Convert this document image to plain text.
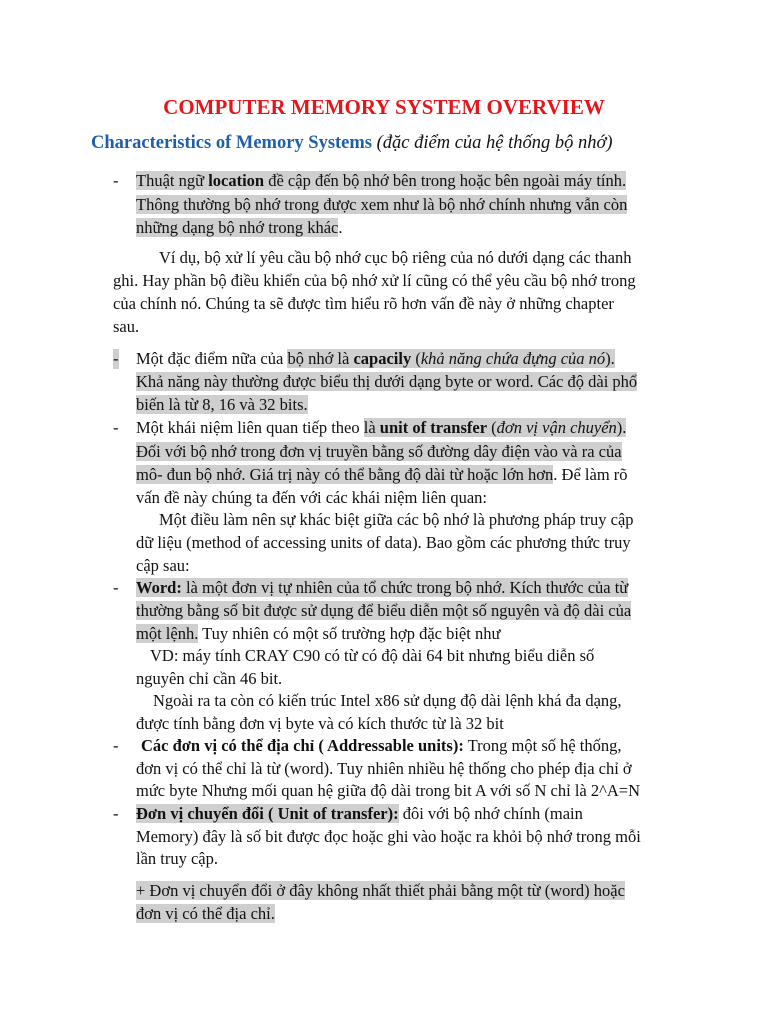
COMPUTER MEMORY SYSTEM OVERVIEW
Characteristics of Memory Systems (đặc điểm của hệ thống bộ nhớ)
- Thuật ngữ location đề cập đến bộ nhớ bên trong hoặc bên ngoài máy tính.
Thông thường bộ nhớ trong được xem như là bộ nhớ chính nhưng vẫn còn
những dạng bộ nhớ trong khác.
Ví dụ, bộ xử lí yêu cầu bộ nhớ cục bộ riêng của nó dưới dạng các thanh
ghi. Hay phần bộ điều khiển của bộ nhớ xử lí cũng có thể yêu cầu bộ nhớ trong
của chính nó. Chúng ta sẽ được tìm hiểu rõ hơn vấn đề này ở những chapter
sau.
- Một đặc điểm nữa của bộ nhớ là capacily (khả năng chứa đựng của nó).
Khả năng này thường được biểu thị dưới dạng byte or word. Các độ dài phổ
biến là từ 8, 16 và 32 bits.
- Một khái niệm liên quan tiếp theo là unit of transfer (đơn vị vận chuyển).
Đối với bộ nhớ trong đơn vị truyền bằng số đường dây điện vào và ra của
mô- đun bộ nhớ. Giá trị này có thể bằng độ dài từ hoặc lớn hơn. Để làm rõ
vấn đề này chúng ta đến với các khái niệm liên quan:
Một điều làm nên sự khác biệt giữa các bộ nhớ là phương pháp truy cập
dữ liệu (method of accessing units of data). Bao gồm các phương thức truy
cập sau:
- Word: là một đơn vị tự nhiên của tổ chức trong bộ nhớ. Kích thước của từ
thường bằng số bit được sử dụng để biểu diễn một số nguyên và độ dài của
một lệnh. Tuy nhiên có một số trường hợp đặc biệt như
VD: máy tính CRAY C90 có từ có độ dài 64 bit nhưng biểu diễn số
nguyên chỉ cần 46 bit.
Ngoài ra ta còn có kiến trúc Intel x86 sử dụng độ dài lệnh khá đa dạng,
được tính bằng đơn vị byte và có kích thước từ là 32 bit
- Các đơn vị có thể địa chỉ ( Addressable units): Trong một số hệ thống,
đơn vị có thể chỉ là từ (word). Tuy nhiên nhiều hệ thống cho phép địa chỉ ở
mức byte Nhưng mối quan hệ giữa độ dài trong bit A với số N chỉ là 2^A=N
- Đơn vị chuyển đổi ( Unit of transfer): đôi với bộ nhớ chính (main
Memory) đây là số bit được đọc hoặc ghi vào hoặc ra khỏi bộ nhớ trong mỗi
lần truy cập.
+ Đơn vị chuyển đổi ở đây không nhất thiết phải bằng một từ (word) hoặc
đơn vị có thể địa chỉ.
